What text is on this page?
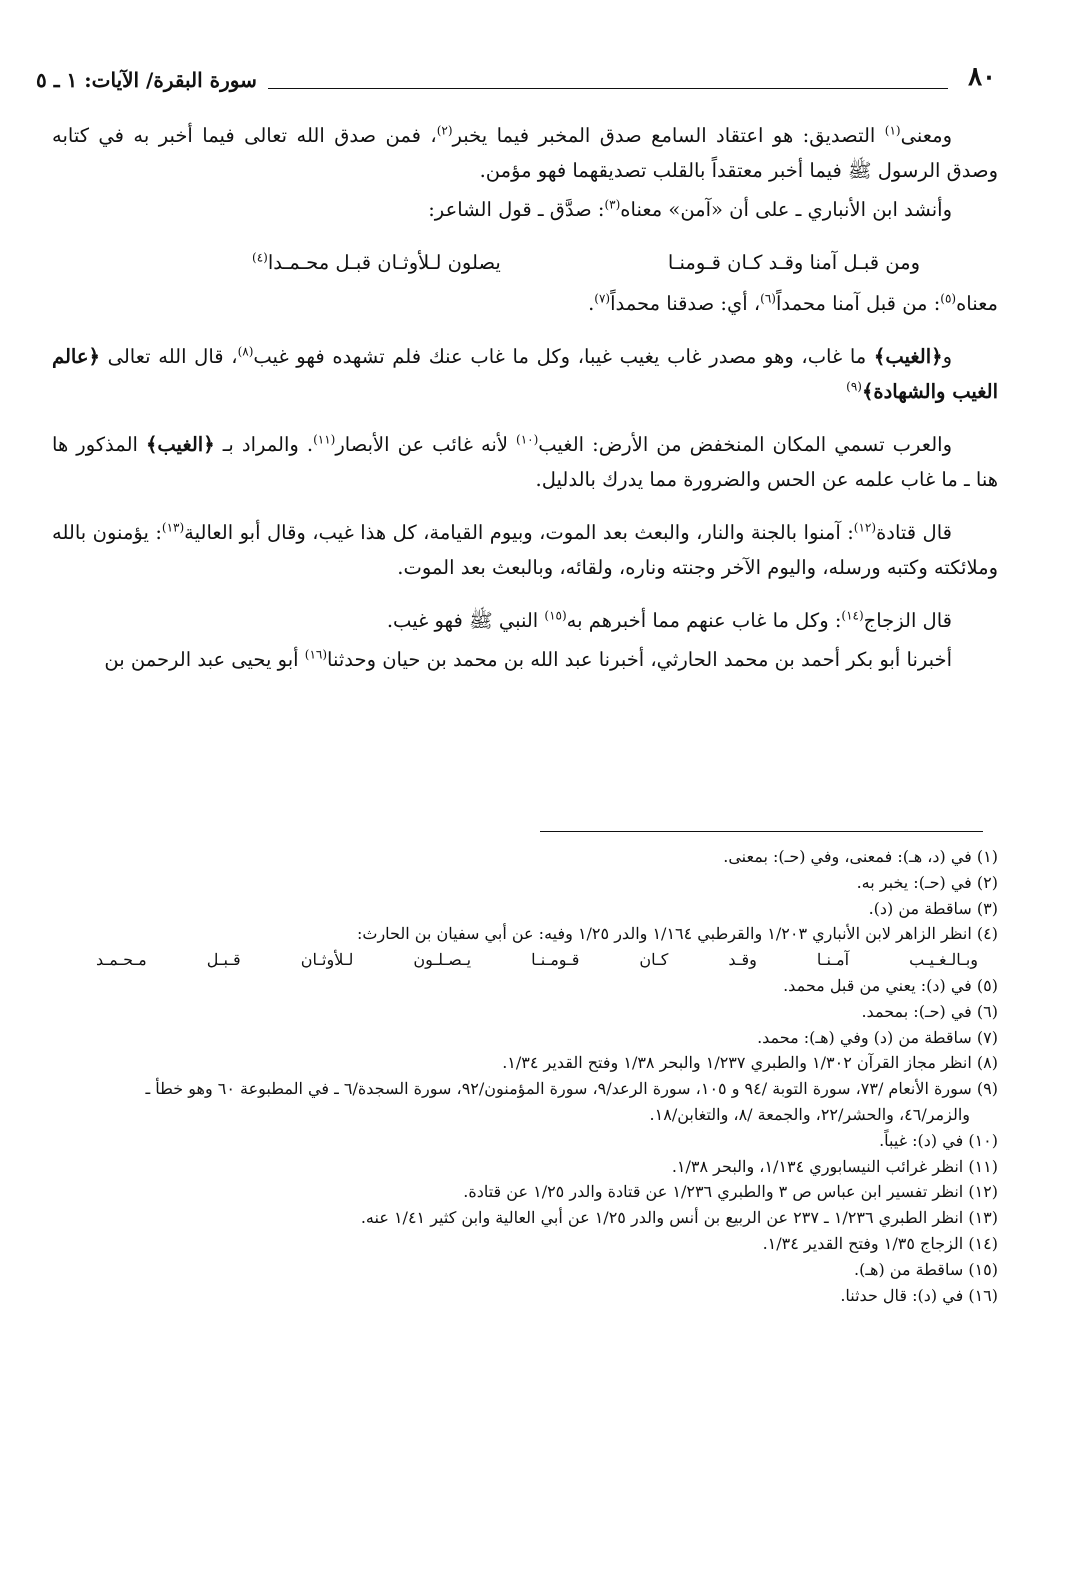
سورة البقرة/ الآيات: ١ ـ ٥	٨٠

ومعنى$^{(١)}$ التصديق: هو اعتقاد السامع صدق المخبر فيما يخبر$^{(٢)}$، فمن صدق الله تعالى فيما أخبر به في كتابه وصدق الرسول ﷺ فيما أخبر معتقداً بالقلب تصديقهما فهو مؤمن.

وأنشد ابن الأنباري ـ على أن «آمن» معناه$^{(٣)}$: صدَّق ـ قول الشاعر:

ومن قبـل آمنا وقـد كـان قـومنـا
يصلون لـلأوثـان قبـل محـمـدا$^{(٤)}$

معناه$^{(٥)}$: من قبل آمنا محمداً$^{(٦)}$، أي: صدقنا محمداً$^{(٧)}$.

و﴿الغيب﴾ ما غاب، وهو مصدر غاب يغيب غيبا، وكل ما غاب عنك فلم تشهده فهو غيب$^{(٨)}$، قال الله تعالى ﴿عالم الغيب والشهادة﴾$^{(٩)}$

والعرب تسمي المكان المنخفض من الأرض: الغيب$^{(١٠)}$ لأنه غائب عن الأبصار$^{(١١)}$. والمراد بـ ﴿الغيب﴾ المذكور ها هنا ـ ما غاب علمه عن الحس والضرورة مما يدرك بالدليل.

قال قتادة$^{(١٢)}$: آمنوا بالجنة والنار، والبعث بعد الموت، وبيوم القيامة، كل هذا غيب، وقال أبو العالية$^{(١٣)}$: يؤمنون بالله وملائكته وكتبه ورسله، واليوم الآخر وجنته وناره، ولقائه، وبالبعث بعد الموت.

قال الزجاج$^{(١٤)}$: وكل ما غاب عنهم مما أخبرهم به$^{(١٥)}$ النبي ﷺ فهو غيب.

أخبرنا أبو بكر أحمد بن محمد الحارثي، أخبرنا عبد الله بن محمد بن حيان وحدثنا$^{(١٦)}$ أبو يحيى عبد الرحمن بن

(١) في (د، هـ): فمعنى، وفي (حـ): بمعنى.

(٢) في (حـ): يخبر به.

(٣) ساقطة من (د).

(٤) انظر الزاهر لابن الأنباري ١/٢٠٣ والقرطبي ١/١٦٤ والدر ١/٢٥ وفيه: عن أبي سفيان بن الحارث:

وبـالـغـيـب
آمـنـا
وقـد
كـان
قـومـنـا
يـصـلـون
لـلأوثـان
قـبـل
مـحـمـد

(٥) في (د): يعني من قبل محمد.

(٦) في (حـ): بمحمد.

(٧) ساقطة من (د) وفي (هـ): محمد.

(٨) انظر مجاز القرآن ١/٣٠٢ والطبري ١/٢٣٧ والبحر ١/٣٨ وفتح القدير ١/٣٤.

(٩) سورة الأنعام /٧٣، سورة التوبة /٩٤ و ١٠٥، سورة الرعد/٩، سورة المؤمنون/٩٢، سورة السجدة/٦ ـ في المطبوعة ٦٠ وهو خطأ ـ

والزمر/٤٦، والحشر/٢٢، والجمعة /٨، والتغابن/١٨.

(١٠) في (د): غيباً.

(١١) انظر غرائب النيسابوري ١/١٣٤، والبحر ١/٣٨.

(١٢) انظر تفسير ابن عباس ص ٣ والطبري ١/٢٣٦ عن قتادة والدر ١/٢٥ عن قتادة.

(١٣) انظر الطبري ١/٢٣٦ ـ ٢٣٧ عن الربيع بن أنس والدر ١/٢٥ عن أبي العالية وابن كثير ١/٤١ عنه.

(١٤) الزجاج ١/٣٥ وفتح القدير ١/٣٤.

(١٥) ساقطة من (هـ).

(١٦) في (د): قال حدثنا.
